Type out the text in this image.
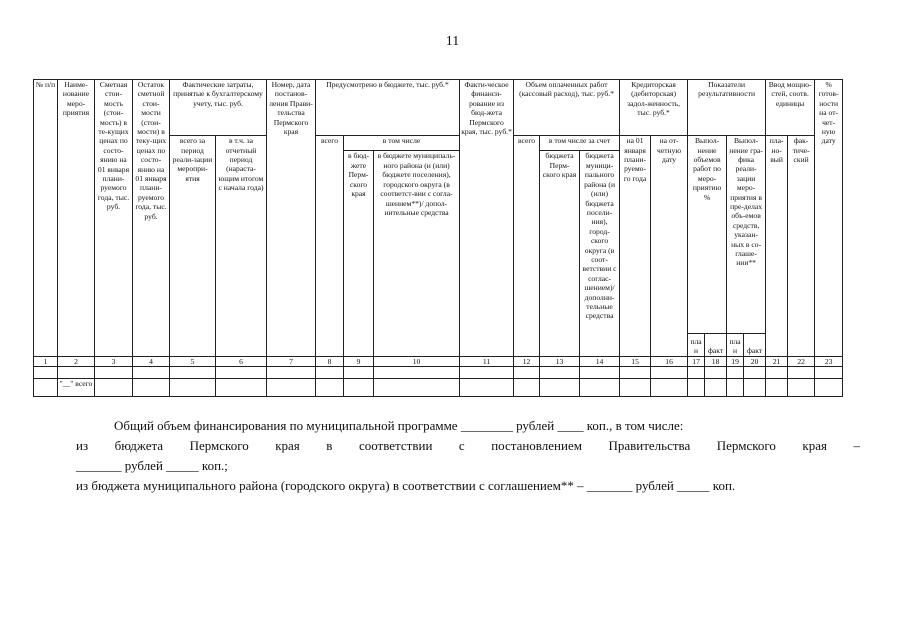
11
№ п/п	Наиме-нование меро-приятия	Сметная стои-мость (стои-мость) в те-кущих ценах по состо-янию на 01 января плани-руемого года, тыс. руб.	Остаток сметной стои-мости (стои-мости) в теку-щих ценах по состо-янию на 01 января плани-руемого года, тыс. руб.	Фактические затраты, принятые к бухгалтерскому учету, тыс. руб.		Номер, дата постанов-ления Прави-тельства Пермского края	Предусмотрено в бюджете, тыс. руб.*			Факти-ческое финанси-рование из бюд-жета Пермского края, тыс. руб.*	Объем оплаченных работ (кассовый расход), тыс. руб.*			Кредиторская (дебиторская) задол-женность, тыс. руб.*		Показатели результативности				Ввод мощно-стей, соотв. единицы		% готов-ности на от-чет-ную дату
				всего за период реали-зации меропри-ятия	в т.ч. за отчетный период (нараста-ющим итогом с начала года)		всего	в том числе			всего	в том числе за счет		на 01 января плани-руемо-го года	на от-четную дату	Выпол-нение объемов работ по меро-приятию %		Выпол-нение гра-фика реали-зации меро-приятия в пре-делах объ-емов средств, указан-ных в со-глаше-нии**		пла-но-вый	фак-тиче-ский	
								в бюд-жете Перм-ского края	в бюджете муниципаль-ного района (и (или) бюджете поселения), городского округа (в соответст-вии с согла-шением**)/ допол-нительные средства			бюджета Перм-ского края	бюджета муници-пального района (и (или) бюджета посели-ния), город-ского округа (в соот-ветствии с соглас-шением)/ дополни-тельные средства									
																план	факт	план	факт			
1	2	3	4	5	6	7	8	9	10	11	12	13	14	15	16	17	18	19	20	21	22	23

	"__" всего																					
Общий объем финансирования по муниципальной программе ________ рублей ____ коп., в том числе:
из бюджета Пермского края в соответствии с постановлением Правительства Пермского края –
_______ рублей _____ коп.;
из бюджета муниципального района (городского округа) в соответствии с соглашением** – _______ рублей _____ коп.
